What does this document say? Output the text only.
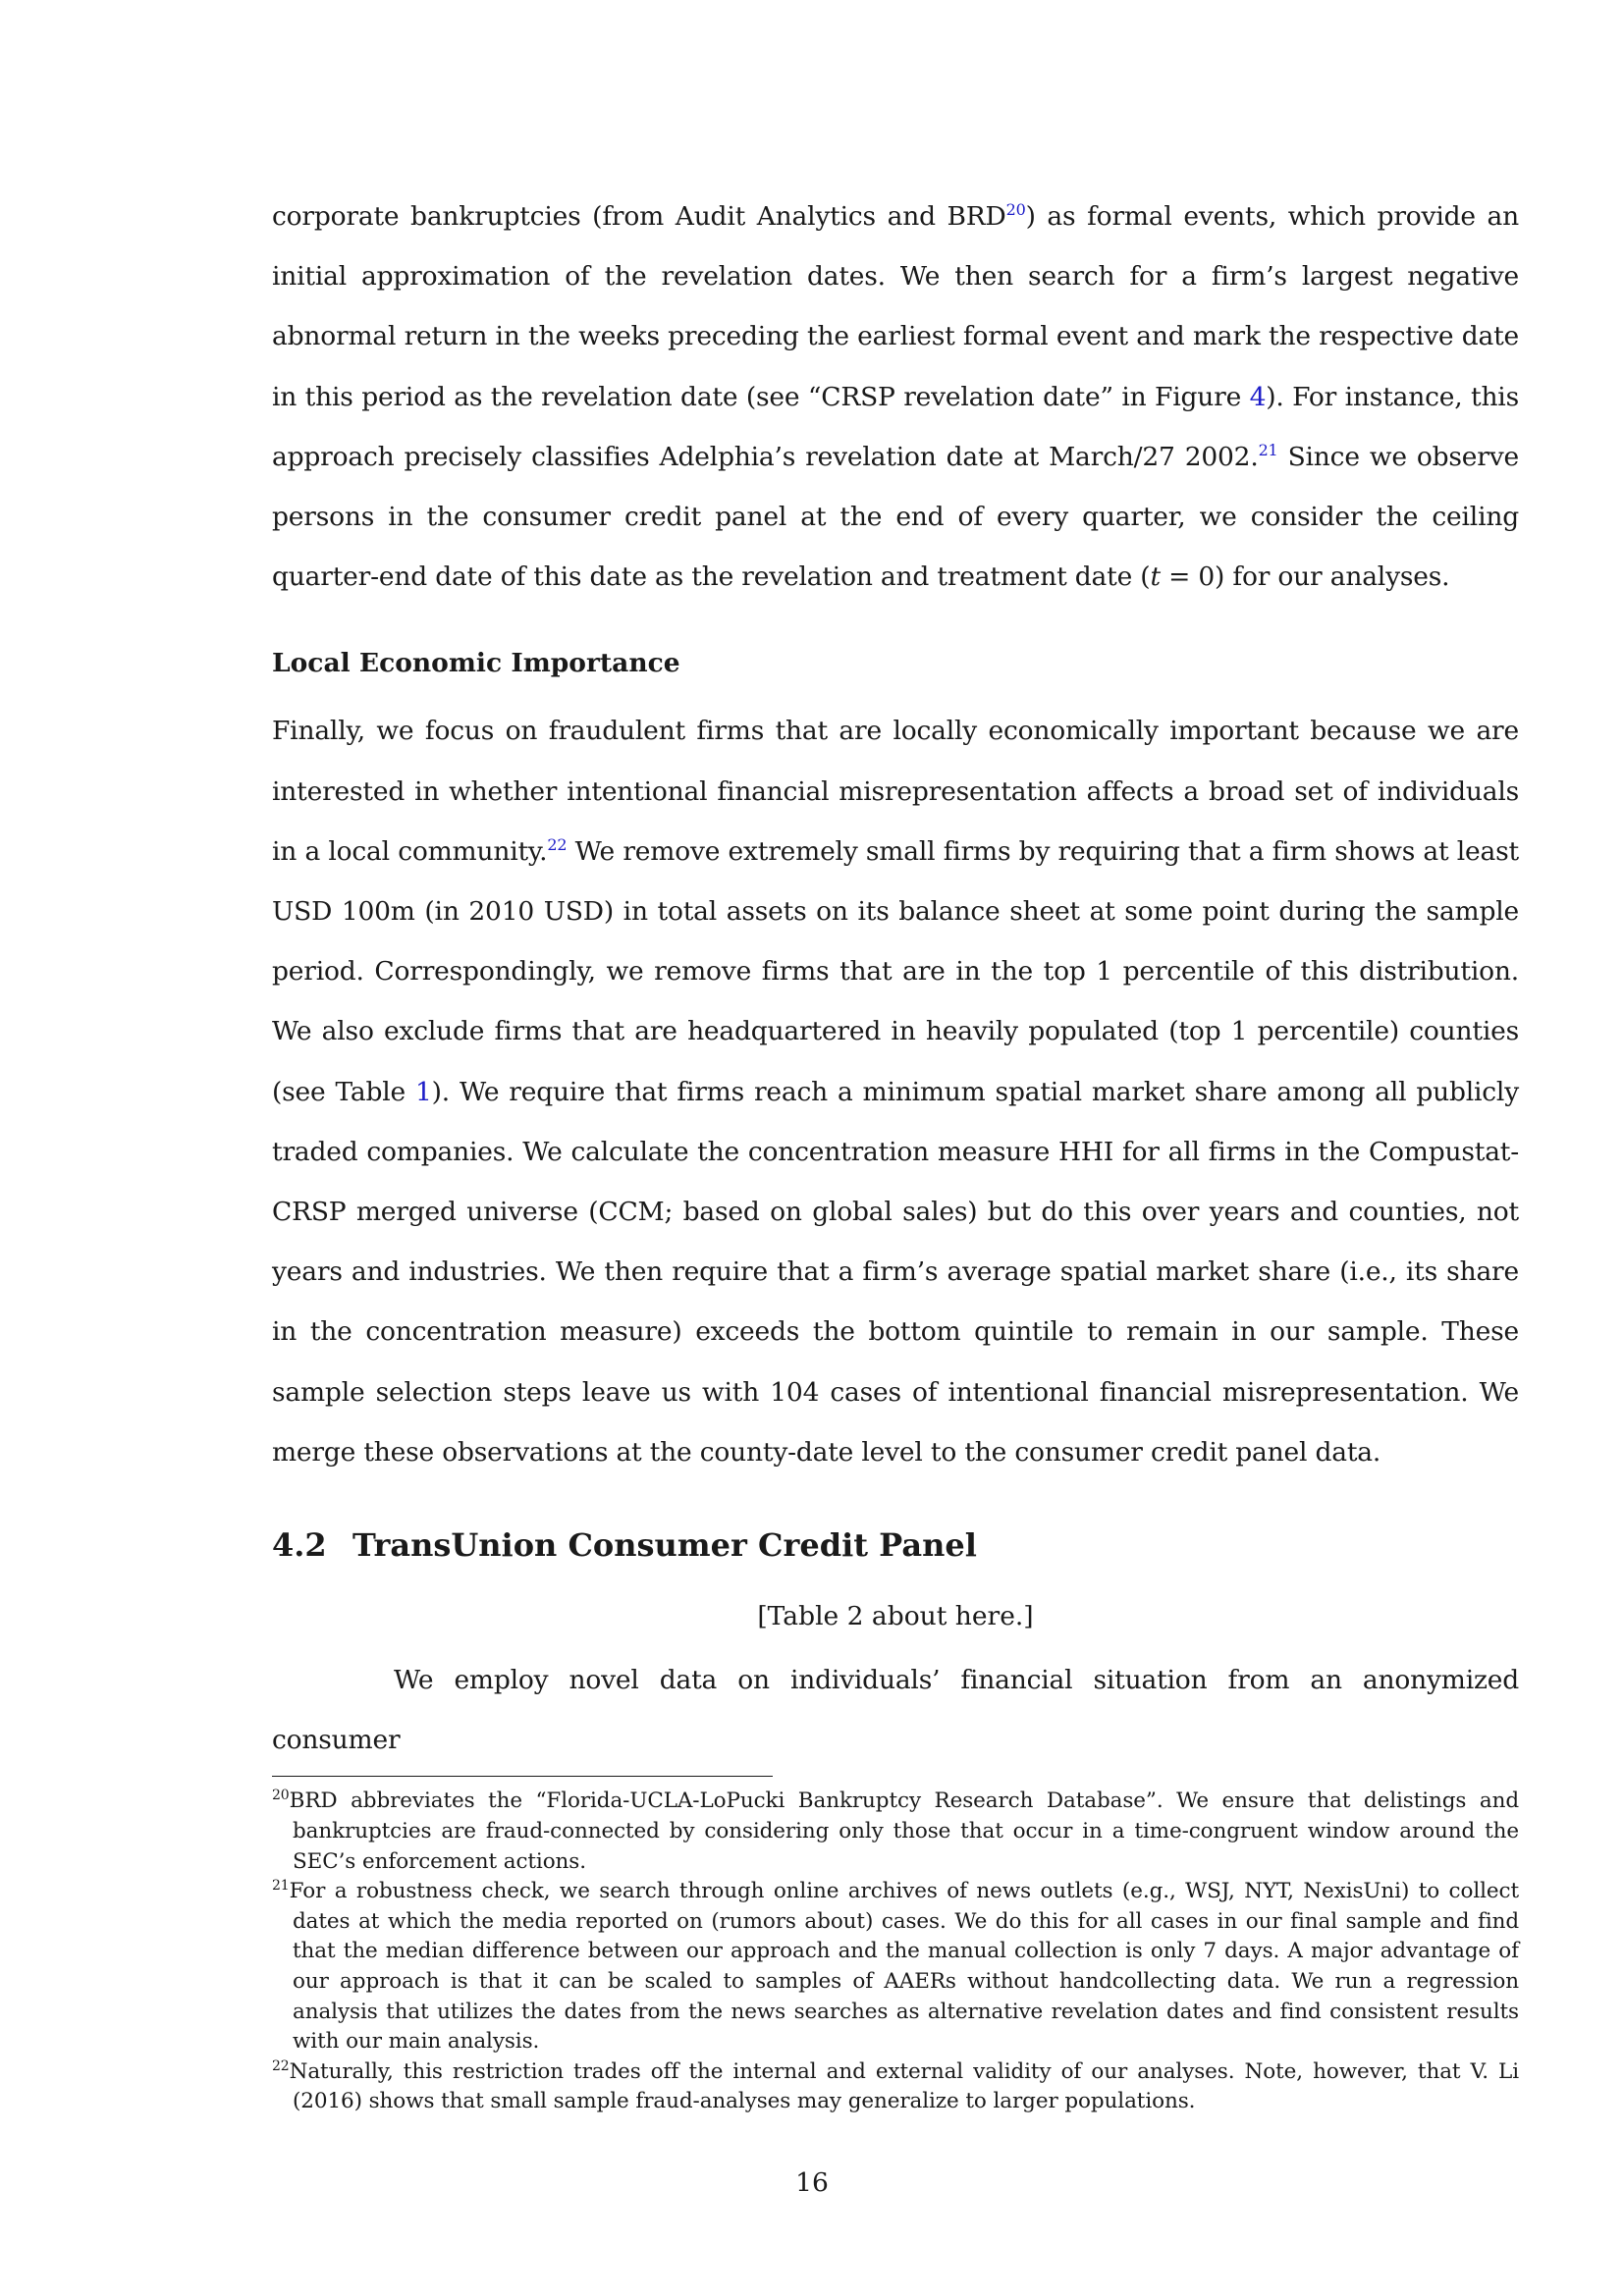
corporate bankruptcies (from Audit Analytics and BRD$^{20}$) as formal events, which provide an initial approximation of the revelation dates. We then search for a firm’s largest negative abnormal return in the weeks preceding the earliest formal event and mark the respective date in this period as the revelation date (see “CRSP revelation date” in Figure 4). For instance, this approach precisely classifies Adelphia’s revelation date at March/27 2002.21 Since we observe persons in the consumer credit panel at the end of every quarter, we consider the ceiling quarter-end date of this date as the revelation and treatment date (t = 0) for our analyses.

Local Economic Importance

Finally, we focus on fraudulent firms that are locally economically important because we are interested in whether intentional financial misrepresentation affects a broad set of individuals in a local community.$^{22}$ We remove extremely small firms by requiring that a firm shows at least USD 100m (in 2010 USD) in total assets on its balance sheet at some point during the sample period. Correspondingly, we remove firms that are in the top 1 percentile of this distribution. We also exclude firms that are headquartered in heavily populated (top 1 percentile) counties (see Table 1). We require that firms reach a minimum spatial market share among all publicly traded companies. We calculate the concentration measure HHI for all firms in the Compustat-CRSP merged universe (CCM; based on global sales) but do this over years and counties, not years and industries. We then require that a firm’s average spatial market share (i.e., its share in the concentration measure) exceeds the bottom quintile to remain in our sample. These sample selection steps leave us with 104 cases of intentional financial misrepresentation. We merge these observations at the county-date level to the consumer credit panel data.

4.2 TransUnion Consumer Credit Panel
[Table 2 about here.]

We employ novel data on individuals’ financial situation from an anonymized consumer

$^{20}$BRD abbreviates the “Florida-UCLA-LoPucki Bankruptcy Research Database”. We ensure that delistings and bankruptcies are fraud-connected by considering only those that occur in a time-congruent window around the SEC’s enforcement actions.

$^{21}$For a robustness check, we search through online archives of news outlets (e.g., WSJ, NYT, NexisUni) to collect dates at which the media reported on (rumors about) cases. We do this for all cases in our final sample and find that the median difference between our approach and the manual collection is only 7 days. A major advantage of our approach is that it can be scaled to samples of AAERs without handcollecting data. We run a regression analysis that utilizes the dates from the news searches as alternative revelation dates and find consistent results with our main analysis.

$^{22}$Naturally, this restriction trades off the internal and external validity of our analyses. Note, however, that V. Li (2016) shows that small sample fraud-analyses may generalize to larger populations.

16
